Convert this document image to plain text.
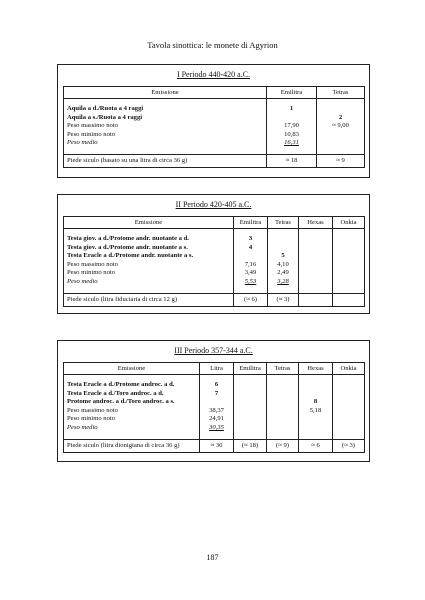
Tavola sinottica: le monete di Agyrion
I Periodo 440-420 a.C.
Emissione	Emilitra	Tetras

Aquila a d./Ruota a 4 raggi	1	
Aquila a s./Ruota a 4 raggi		2
Peso massimo noto	17,90	≈ 9,00
Peso minimo noto	10,83	
Peso medio	16,31	

Piede siculo (basato su una litra di circa 36 g)	≈ 18	≈ 9
II Periodo 420-405 a.C.
Emissione	Emilitra	Tetras	Hexas	Onkia

Testa giov. a d./Protome andr. nuotante a d.	3			
Testa giov. a d./Protome andr. nuotante a s.	4			
Testa Eracle a d./Protome andr. nuotante a s.		5		
Peso massimo noto	7,16	4,10		
Peso minimo noto	3,49	2,49		
Peso medio	5,53	3,28		

Piede siculo (litra fiduciaria di circa 12 g)	(≈ 6)	(≈ 3)		
III Periodo 357-344 a.C.
Emissione	Litra	Emilitra	Tetras	Hexas	Onkia

Testa Eracle a d./Protome androc. a d.	6				
Testa Eracle a d./Toro androc. a d.	7				
Protome androc. a d./Toro androc. a s.				8	
Peso massimo noto	38,37			5,18	
Peso minimo noto	24,91				
Peso medio	30,35				

Piede siculo (litra dionigiana di circa 36 g)	≈ 36	(≈ 18)	(≈ 9)	≈ 6	(≈ 3)
187
